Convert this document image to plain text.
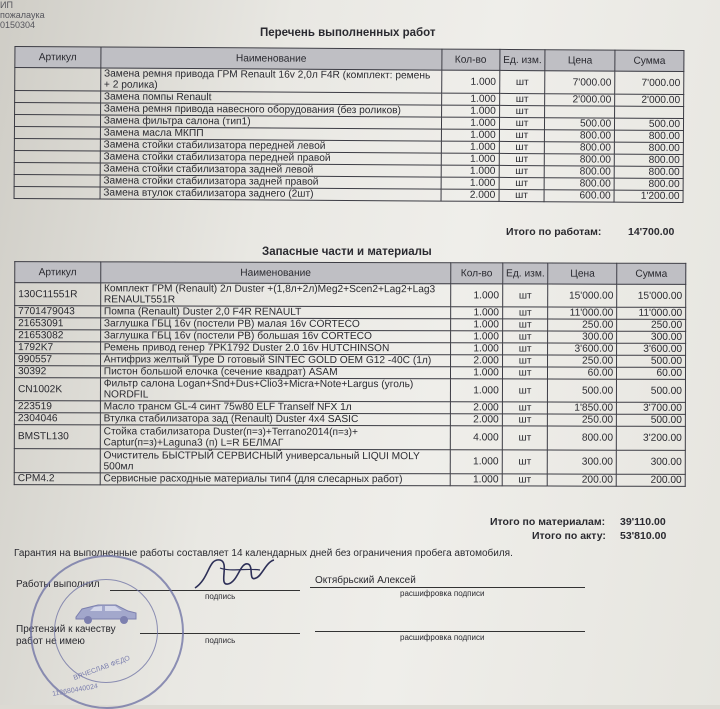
ИП
пожалаука
0150304
Перечень выполненных работ
Артикул	Наименование	Кол-во	Ед. изм.	Цена	Сумма
	Замена ремня привода ГРМ Renault 16v 2,0л F4R (комплект: ремень + 2 ролика)	1.000	шт	7'000.00	7'000.00
	Замена помпы Renault	1.000	шт	2'000.00	2'000.00
	Замена ремня привода навесного оборудования (без роликов)	1.000	шт		
	Замена фильтра салона (тип1)	1.000	шт	500.00	500.00
	Замена масла МКПП	1.000	шт	800.00	800.00
	Замена стойки стабилизатора передней левой	1.000	шт	800.00	800.00
	Замена стойки стабилизатора передней правой	1.000	шт	800.00	800.00
	Замена стойки стабилизатора задней левой	1.000	шт	800.00	800.00
	Замена стойки стабилизатора задней правой	1.000	шт	800.00	800.00
	Замена втулок стабилизатора заднего (2шт)	2.000	шт	600.00	1'200.00
Итого по работам:	14'700.00
Запасные части и материалы
Артикул	Наименование	Кол-во	Ед. изм.	Цена	Сумма
130C11551R	Комплект ГРМ (Renault) 2л Duster +(1,8л+2л)Meg2+Scen2+Lag2+Lag3 RENAULT551R	1.000	шт	15'000.00	15'000.00
7701479043	Помпа (Renault) Duster 2,0 F4R RENAULT	1.000	шт	11'000.00	11'000.00
21653091	Заглушка ГБЦ 16v (постели РВ) малая 16v CORTECO	1.000	шт	250.00	250.00
21653082	Заглушка ГБЦ 16v (постели РВ) большая 16v CORTECO	1.000	шт	300.00	300.00
1792K7	Ремень привод генер 7PK1792 Duster 2.0 16v HUTCHINSON	1.000	шт	3'600.00	3'600.00
990557	Антифриз желтый Type D готовый SINTEC GOLD OEM G12 -40С (1л)	2.000	шт	250.00	500.00
30392	Пистон большой елочка (сечение квадрат) ASAM	1.000	шт	60.00	60.00
CN1002K	Фильтр салона Logan+Snd+Dus+Clio3+Micra+Note+Largus (уголь) NORDFIL	1.000	шт	500.00	500.00
223519	Масло трансм GL-4 синт 75w80 ELF Tranself NFX 1л	2.000	шт	1'850.00	3'700.00
2304046	Втулка стабилизатора зад (Renault) Duster 4x4 SASIC	2.000	шт	250.00	500.00
BMSTL130	Стойка стабилизатора Duster(п=з)+Terrano2014(п=з)+ Captur(п=з)+Laguna3 (п) L=R БЕЛМАГ	4.000	шт	800.00	3'200.00
	Очиститель БЫСТРЫЙ СЕРВИСНЫЙ универсальный LIQUI MOLY 500мл	1.000	шт	300.00	300.00
CPM4.2	Сервисные расходные материалы тип4 (для слесарных работ)	1.000	шт	200.00	200.00
Итого по материалам: 39'110.00
Итого по акту: 53'810.00
Гарантия на выполненные работы составляет 14 календарных дней без ограничения пробега автомобиля.
Работы выполнил
подпись
Октябрьский Алексей
расшифровка подписи
Претензий к качеству работ не имею	подпись	расшифровка подписи
ВЯЧЕСЛАВ ФЕДО
113680440024
